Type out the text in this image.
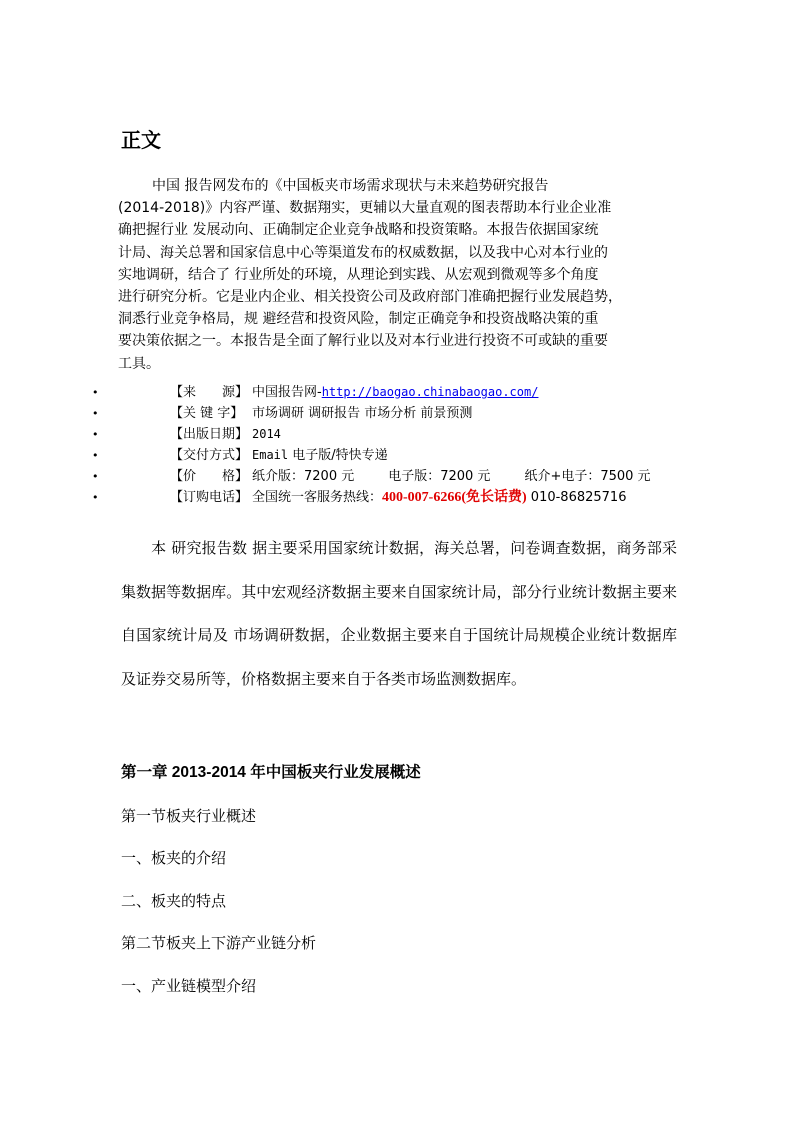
正文

中国 报告网发布的《中国板夹市场需求现状与未来趋势研究报告

(2014-2018)》内容严谨、数据翔实，更辅以大量直观的图表帮助本行业企业准

确把握行业 发展动向、正确制定企业竞争战略和投资策略。本报告依据国家统

计局、海关总署和国家信息中心等渠道发布的权威数据，以及我中心对本行业的

实地调研，结合了 行业所处的环境，从理论到实践、从宏观到微观等多个角度

进行研究分析。它是业内企业、相关投资公司及政府部门准确把握行业发展趋势，

洞悉行业竞争格局，规 避经营和投资风险，制定正确竞争和投资战略决策的重

要决策依据之一。本报告是全面了解行业以及对本行业进行投资不可或缺的重要

工具。

•	【来 源】 中国报告网-http://baogao.chinabaogao.com/
•	【关 键 字】 市场调研 调研报告 市场分析 前景预测
•	【出版日期】 2014
•	【交付方式】 Email 电子版/特快专递
•	【价 格】 纸介版：7200 元	电子版：7200 元	纸介+电子：7500 元
•	【订购电话】 全国统一客服务热线：400-007-6266(免长话费) 010-86825716

本 研究报告数 据主要采用国家统计数据，海关总署，问卷调查数据，商务部采集数据等数据库。其中宏观经济数据主要来自国家统计局，部分行业统计数据主要来自国家统计局及 市场调研数据，企业数据主要来自于国统计局规模企业统计数据库及证券交易所等，价格数据主要来自于各类市场监测数据库。

第一章 2013-2014 年中国板夹行业发展概述
第一节板夹行业概述
一、板夹的介绍
二、板夹的特点
第二节板夹上下游产业链分析
一、产业链模型介绍
